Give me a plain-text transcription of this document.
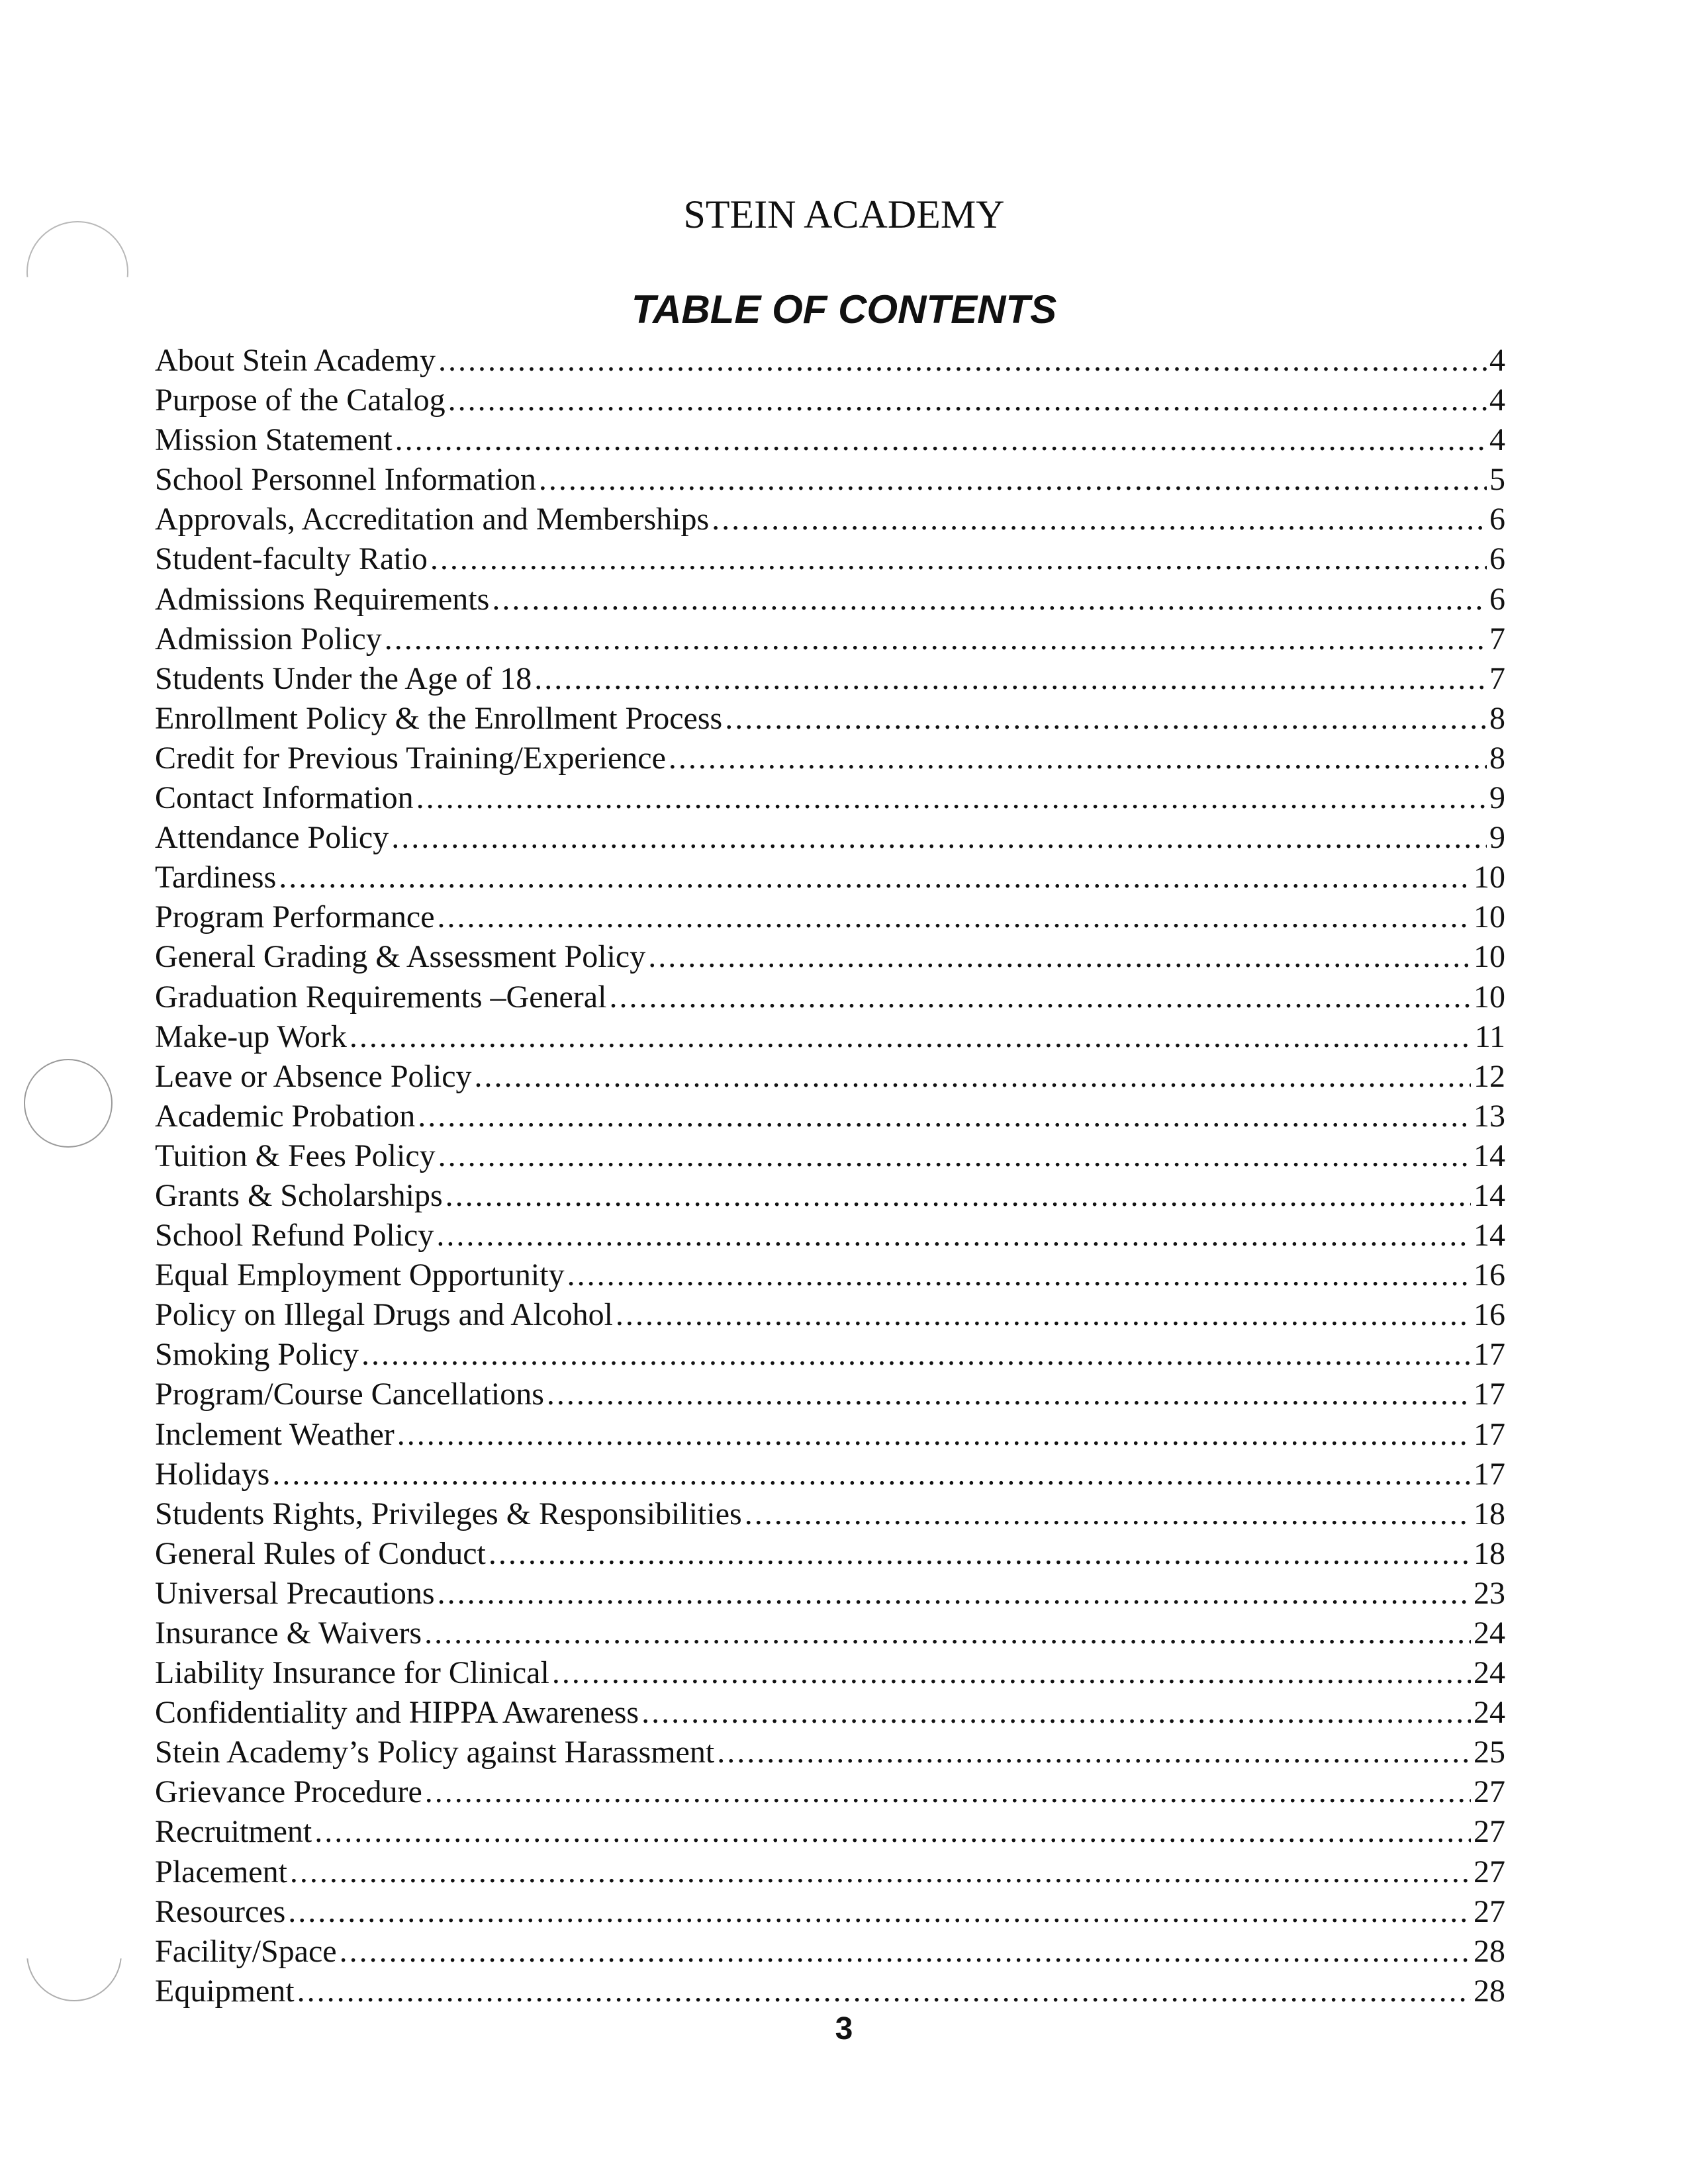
STEIN ACADEMY
TABLE OF CONTENTS
About Stein Academy .....	4
Purpose of the Catalog .....	4
Mission Statement .....	4
School Personnel Information .....	5
Approvals, Accreditation and Memberships .....	6
Student-faculty Ratio .....	6
Admissions Requirements .....	6
Admission Policy .....	7
Students Under the Age of 18 .....	7
Enrollment Policy & the Enrollment Process .....	8
Credit for Previous Training/Experience .....	8
Contact Information .....	9
Attendance Policy .....	9
Tardiness .....	10
Program Performance .....	10
General Grading & Assessment Policy .....	10
Graduation Requirements –General .....	10
Make-up Work .....	11
Leave or Absence Policy .....	12
Academic Probation .....	13
Tuition & Fees Policy .....	14
Grants & Scholarships .....	14
School Refund Policy .....	14
Equal Employment Opportunity .....	16
Policy on Illegal Drugs and Alcohol .....	16
Smoking Policy .....	17
Program/Course Cancellations .....	17
Inclement Weather .....	17
Holidays .....	17
Students Rights, Privileges & Responsibilities .....	18
General Rules of Conduct .....	18
Universal Precautions .....	23
Insurance & Waivers .....	24
Liability Insurance for Clinical .....	24
Confidentiality and HIPPA Awareness .....	24
Stein Academy’s Policy against Harassment .....	25
Grievance Procedure .....	27
Recruitment .....	27
Placement .....	27
Resources .....	27
Facility/Space .....	28
Equipment .....	28
3
